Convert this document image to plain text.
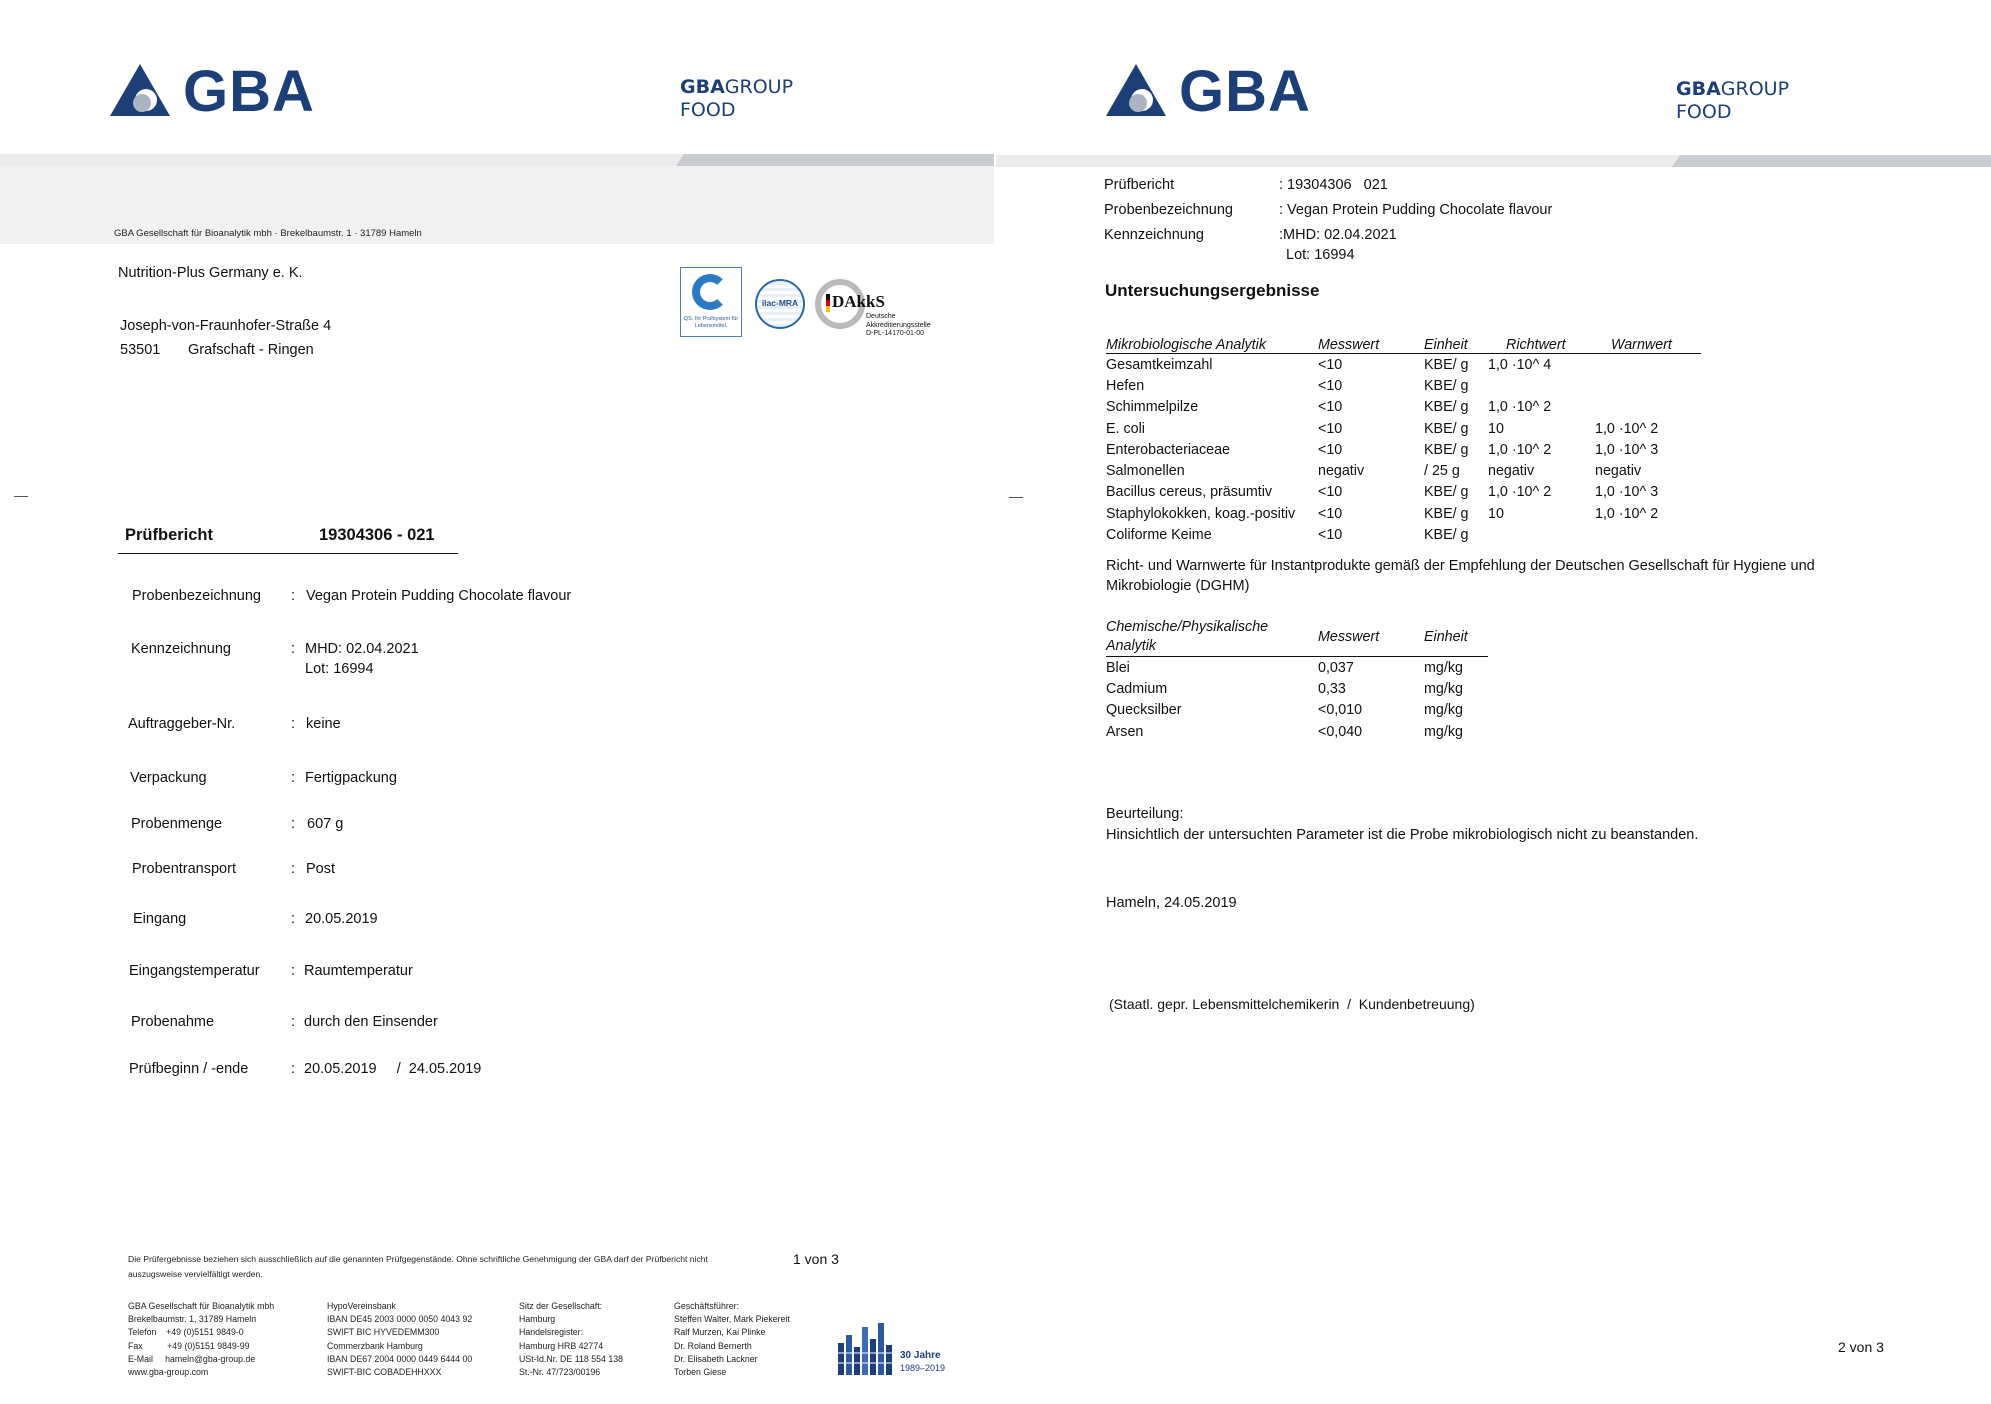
GBA	GBAGROUP
FOOD
GBA Gesellschaft für Bioanalytik mbh · Brekelbaumstr. 1 · 31789 Hameln
Nutrition-Plus Germany e. K.
Joseph-von-Fraunhofer-Straße 4
53501 Grafschaft - Ringen
QS. Ihr Prüfsystem für Lebensmittel.
ilac-MRA DAkkS
Deutsche
Akkreditierungsstelle
D-PL-14170-01-00
Prüfbericht	19304306 - 021
Probenbezeichnung : Vegan Protein Pudding Chocolate flavour
Kennzeichnung	: MHD: 02.04.2021
Lot: 16994
Auftraggeber-Nr.	: keine
Verpackung	: Fertigpackung
Probenmenge	: 607 g
Probentransport	: Post
Eingang	: 20.05.2019
Eingangstemperatur : Raumtemperatur
Probenahme	: durch den Einsender
Prüfbeginn / -ende	: 20.05.2019     /  24.05.2019
Die Prüfergebnisse beziehen sich ausschließlich auf die genannten Prüfgegenstände. Ohne schriftliche Genehmigung der GBA darf der Prüfbericht nicht auszugsweise vervielfältigt werden.
1 von 3
GBA Gesellschaft für Bioanalytik mbh
Brekelbaumstr. 1, 31789 Hameln
Telefon    +49 (0)5151 9849-0
Fax          +49 (0)5151 9849-99
E-Mail     hameln@gba-group.de
www.gba-group.com
HypoVereinsbank
IBAN DE45 2003 0000 0050 4043 92
SWIFT BIC HYVEDEMM300
Commerzbank Hamburg
IBAN DE67 2004 0000 0449 6444 00
SWIFT-BIC COBADEHHXXX
Sitz der Gesellschaft:
Hamburg
Handelsregister:
Hamburg HRB 42774
USt-Id.Nr. DE 118 554 138
St.-Nr. 47/723/00196
Geschäftsführer:
Steffen Walter, Mark Piekereit
Ralf Murzen, Kai Plinke
Dr. Roland Bernerth
Dr. Elisabeth Lackner
Torben Giese
30 Jahre
1989–2019
GBA	GBAGROUP
FOOD
Prüfbericht	: 19304306   021
Probenbezeichnung	: Vegan Protein Pudding Chocolate flavour
Kennzeichnung	:MHD: 02.04.2021
Lot: 16994
Untersuchungsergebnisse
Mikrobiologische Analytik	Messwert	Einheit	Richtwert	Warnwert
Gesamtkeimzahl	<10	KBE/ g	1,0 ·10^ 4	
Hefen	<10	KBE/ g		
Schimmelpilze	<10	KBE/ g	1,0 ·10^ 2	
E. coli	<10	KBE/ g	10	1,0 ·10^ 2
Enterobacteriaceae	<10	KBE/ g	1,0 ·10^ 2	1,0 ·10^ 3
Salmonellen	negativ	/ 25 g	negativ	negativ
Bacillus cereus, präsumtiv	<10	KBE/ g	1,0 ·10^ 2	1,0 ·10^ 3
Staphylokokken, koag.-positiv	<10	KBE/ g	10	1,0 ·10^ 2
Coliforme Keime	<10	KBE/ g		
Richt- und Warnwerte für Instantprodukte gemäß der Empfehlung der Deutschen Gesellschaft für Hygiene und Mikrobiologie (DGHM)
Chemische/Physikalische Analytik	Messwert	Einheit
Blei	0,037	mg/kg
Cadmium	0,33	mg/kg
Quecksilber	<0,010	mg/kg
Arsen	<0,040	mg/kg
Beurteilung:
Hinsichtlich der untersuchten Parameter ist die Probe mikrobiologisch nicht zu beanstanden.
Hameln, 24.05.2019
(Staatl. gepr. Lebensmittelchemikerin  /  Kundenbetreuung)
2 von 3
